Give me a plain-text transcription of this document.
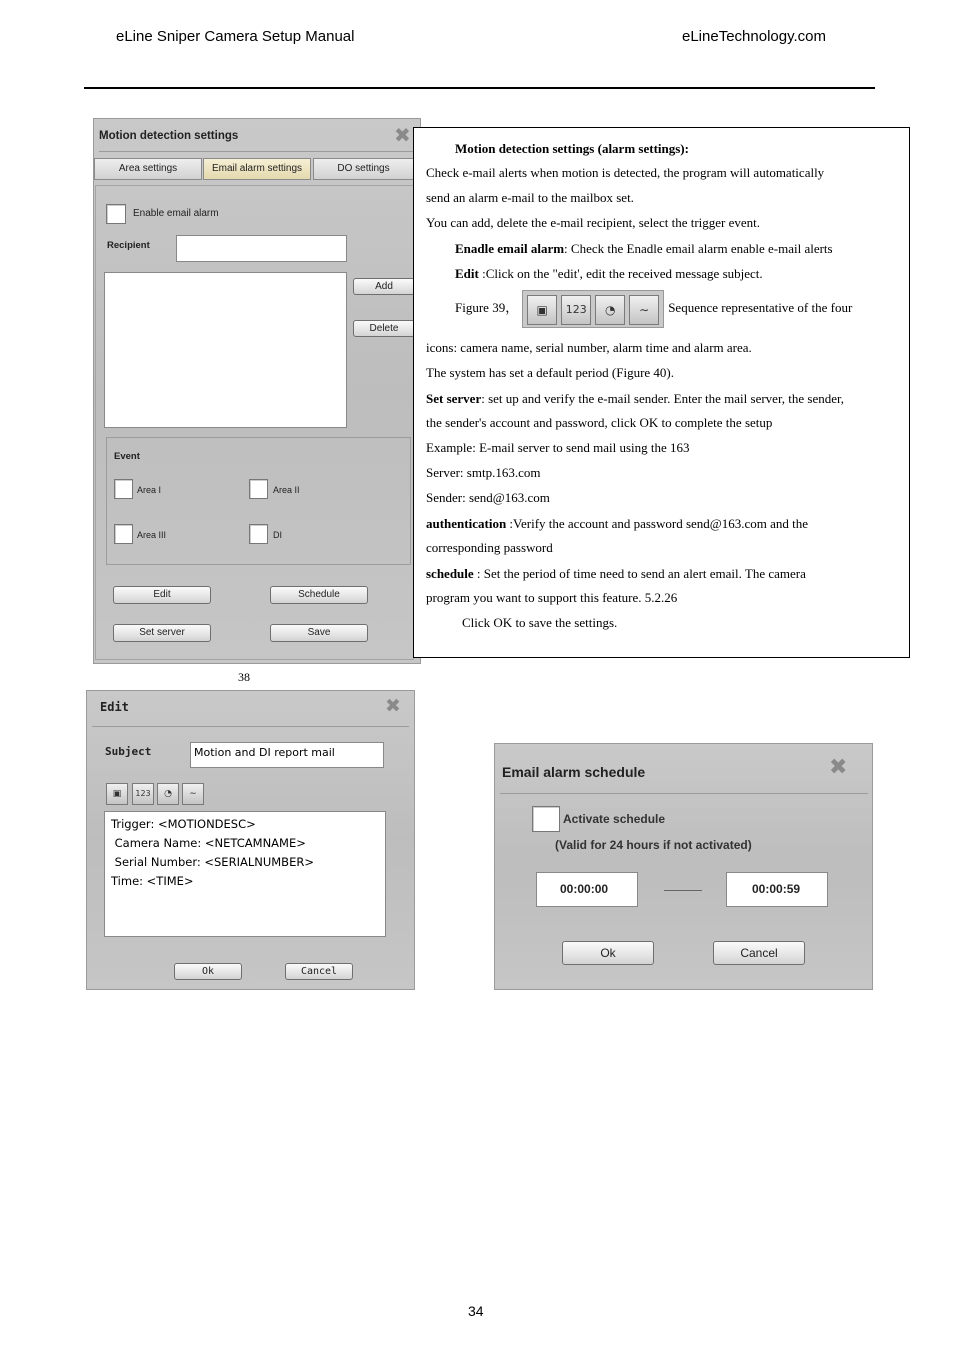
eLine Sniper Camera Setup Manual	eLineTechnology.com
Motion detection settings	✖
Area settings	Email alarm settings	DO settings
Enable email alarm
Recipient
Add
Delete
Event
Area I	Area II
Area III	DI
Edit	Schedule
Set server	Save

Motion detection settings (alarm settings):

Check e-mail alerts when motion is detected, the program will automatically

send an alarm e-mail to the mailbox set.

You can add, delete the e-mail recipient, select the trigger event.

Enadle email alarm: Check the Enadle email alarm enable e-mail alerts

Edit :Click on the "edit', edit the received message subject.

Figure 39，	▣	123	◔	∼	Sequence representative of the four

icons: camera name, serial number, alarm time and alarm area.

The system has set a default period (Figure 40).

Set server: set up and verify the e-mail sender. Enter the mail server, the sender,

the sender's account and password, click OK to complete the setup

Example: E-mail server to send mail using the 163

Server: smtp.163.com

Sender: send@163.com

authentication :Verify the account and password send@163.com and the

corresponding password

schedule : Set the period of time need to send an alert email. The camera

program you want to support this feature. 5.2.26

Click OK to save the settings.

38
Edit	✖
Subject	Motion and DI report mail
▣	123	◔	∼
Trigger: <MOTIONDESC>
Camera Name: <NETCAMNAME>
Serial Number: <SERIALNUMBER>
Time: <TIME>
Ok	Cancel
Email alarm schedule	✖
Activate schedule
(Valid for 24 hours if not activated)
00:00:00	00:00:59
Ok	Cancel
34
